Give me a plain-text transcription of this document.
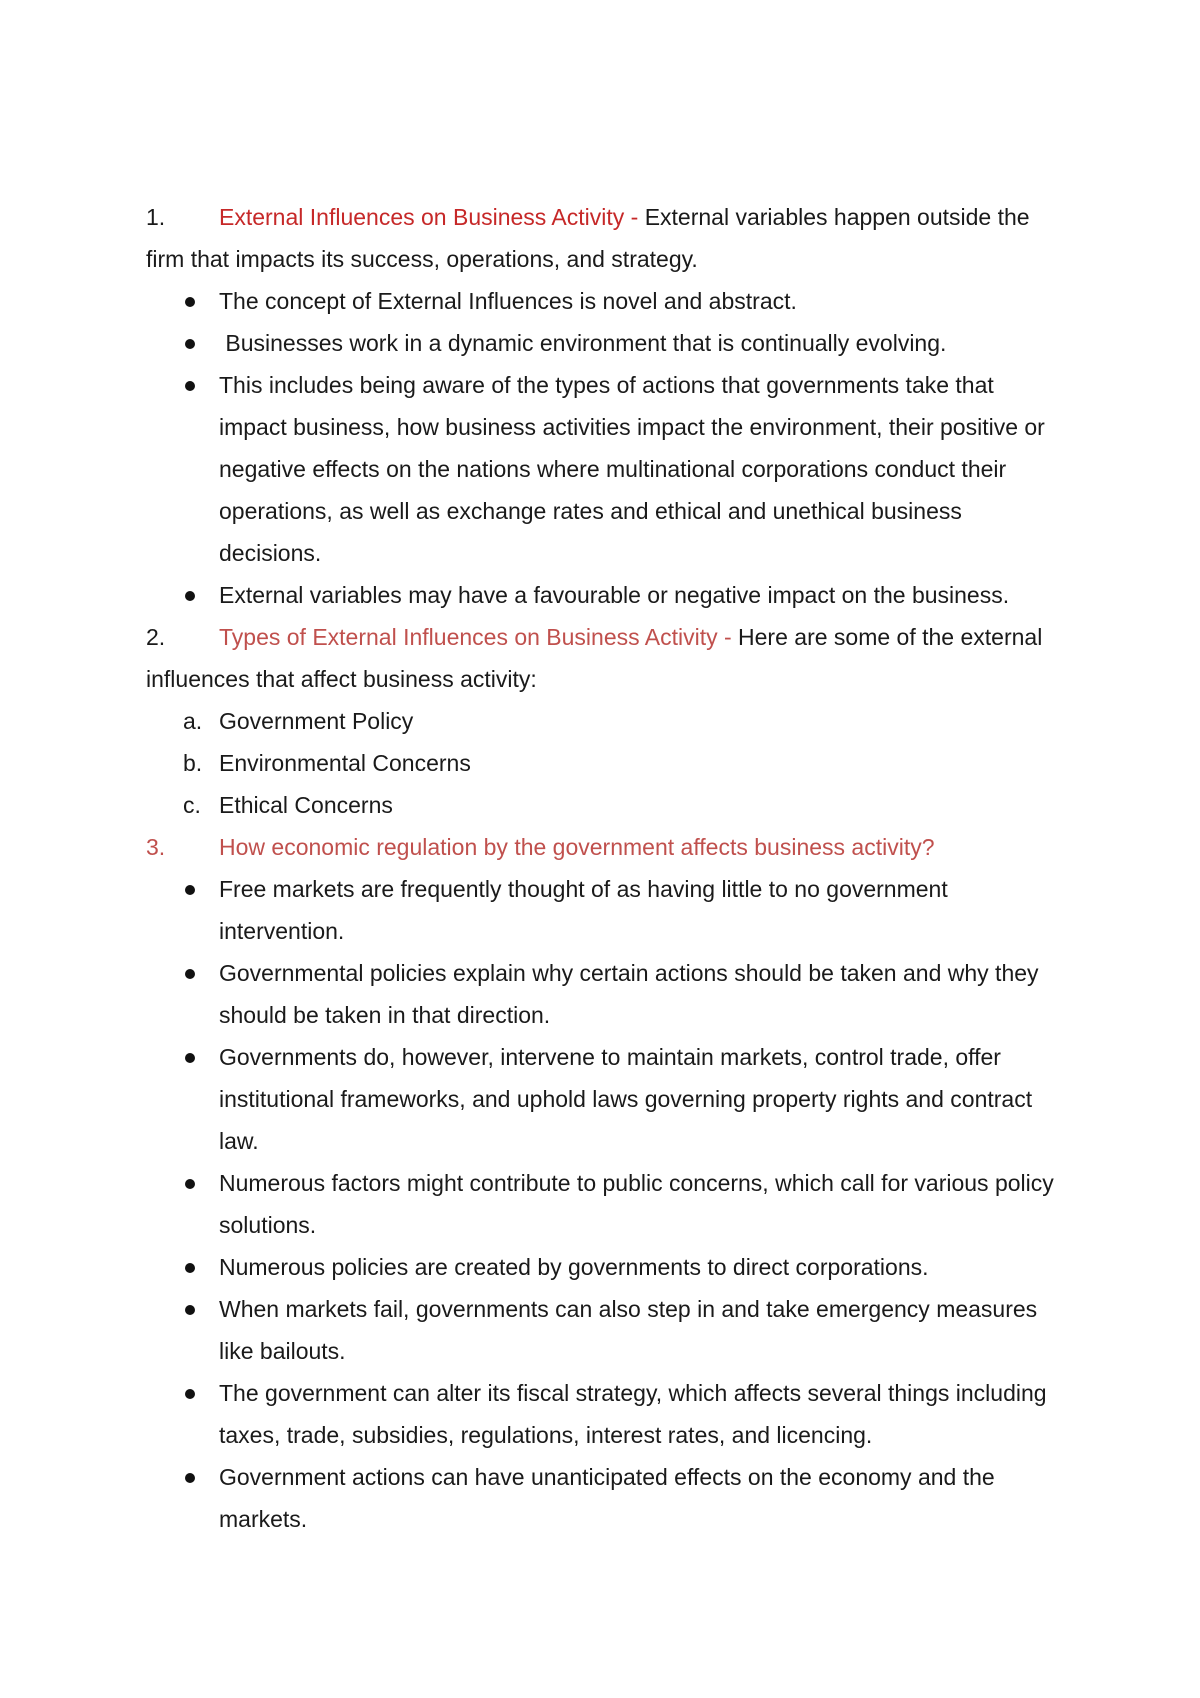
1. External Influences on Business Activity - External variables happen outside the firm that impacts its success, operations, and strategy.

The concept of External Influences is novel and abstract.
Businesses work in a dynamic environment that is continually evolving.
This includes being aware of the types of actions that governments take that impact business, how business activities impact the environment, their positive or negative effects on the nations where multinational corporations conduct their operations, as well as exchange rates and ethical and unethical business decisions.
External variables may have a favourable or negative impact on the business.

2. Types of External Influences on Business Activity - Here are some of the external influences that affect business activity:

a. Government Policy
b. Environmental Concerns
c. Ethical Concerns

3. How economic regulation by the government affects business activity?

Free markets are frequently thought of as having little to no government intervention.
Governmental policies explain why certain actions should be taken and why they should be taken in that direction.
Governments do, however, intervene to maintain markets, control trade, offer institutional frameworks, and uphold laws governing property rights and contract law.
Numerous factors might contribute to public concerns, which call for various policy solutions.
Numerous policies are created by governments to direct corporations.
When markets fail, governments can also step in and take emergency measures like bailouts.
The government can alter its fiscal strategy, which affects several things including taxes, trade, subsidies, regulations, interest rates, and licencing.
Government actions can have unanticipated effects on the economy and the markets.
